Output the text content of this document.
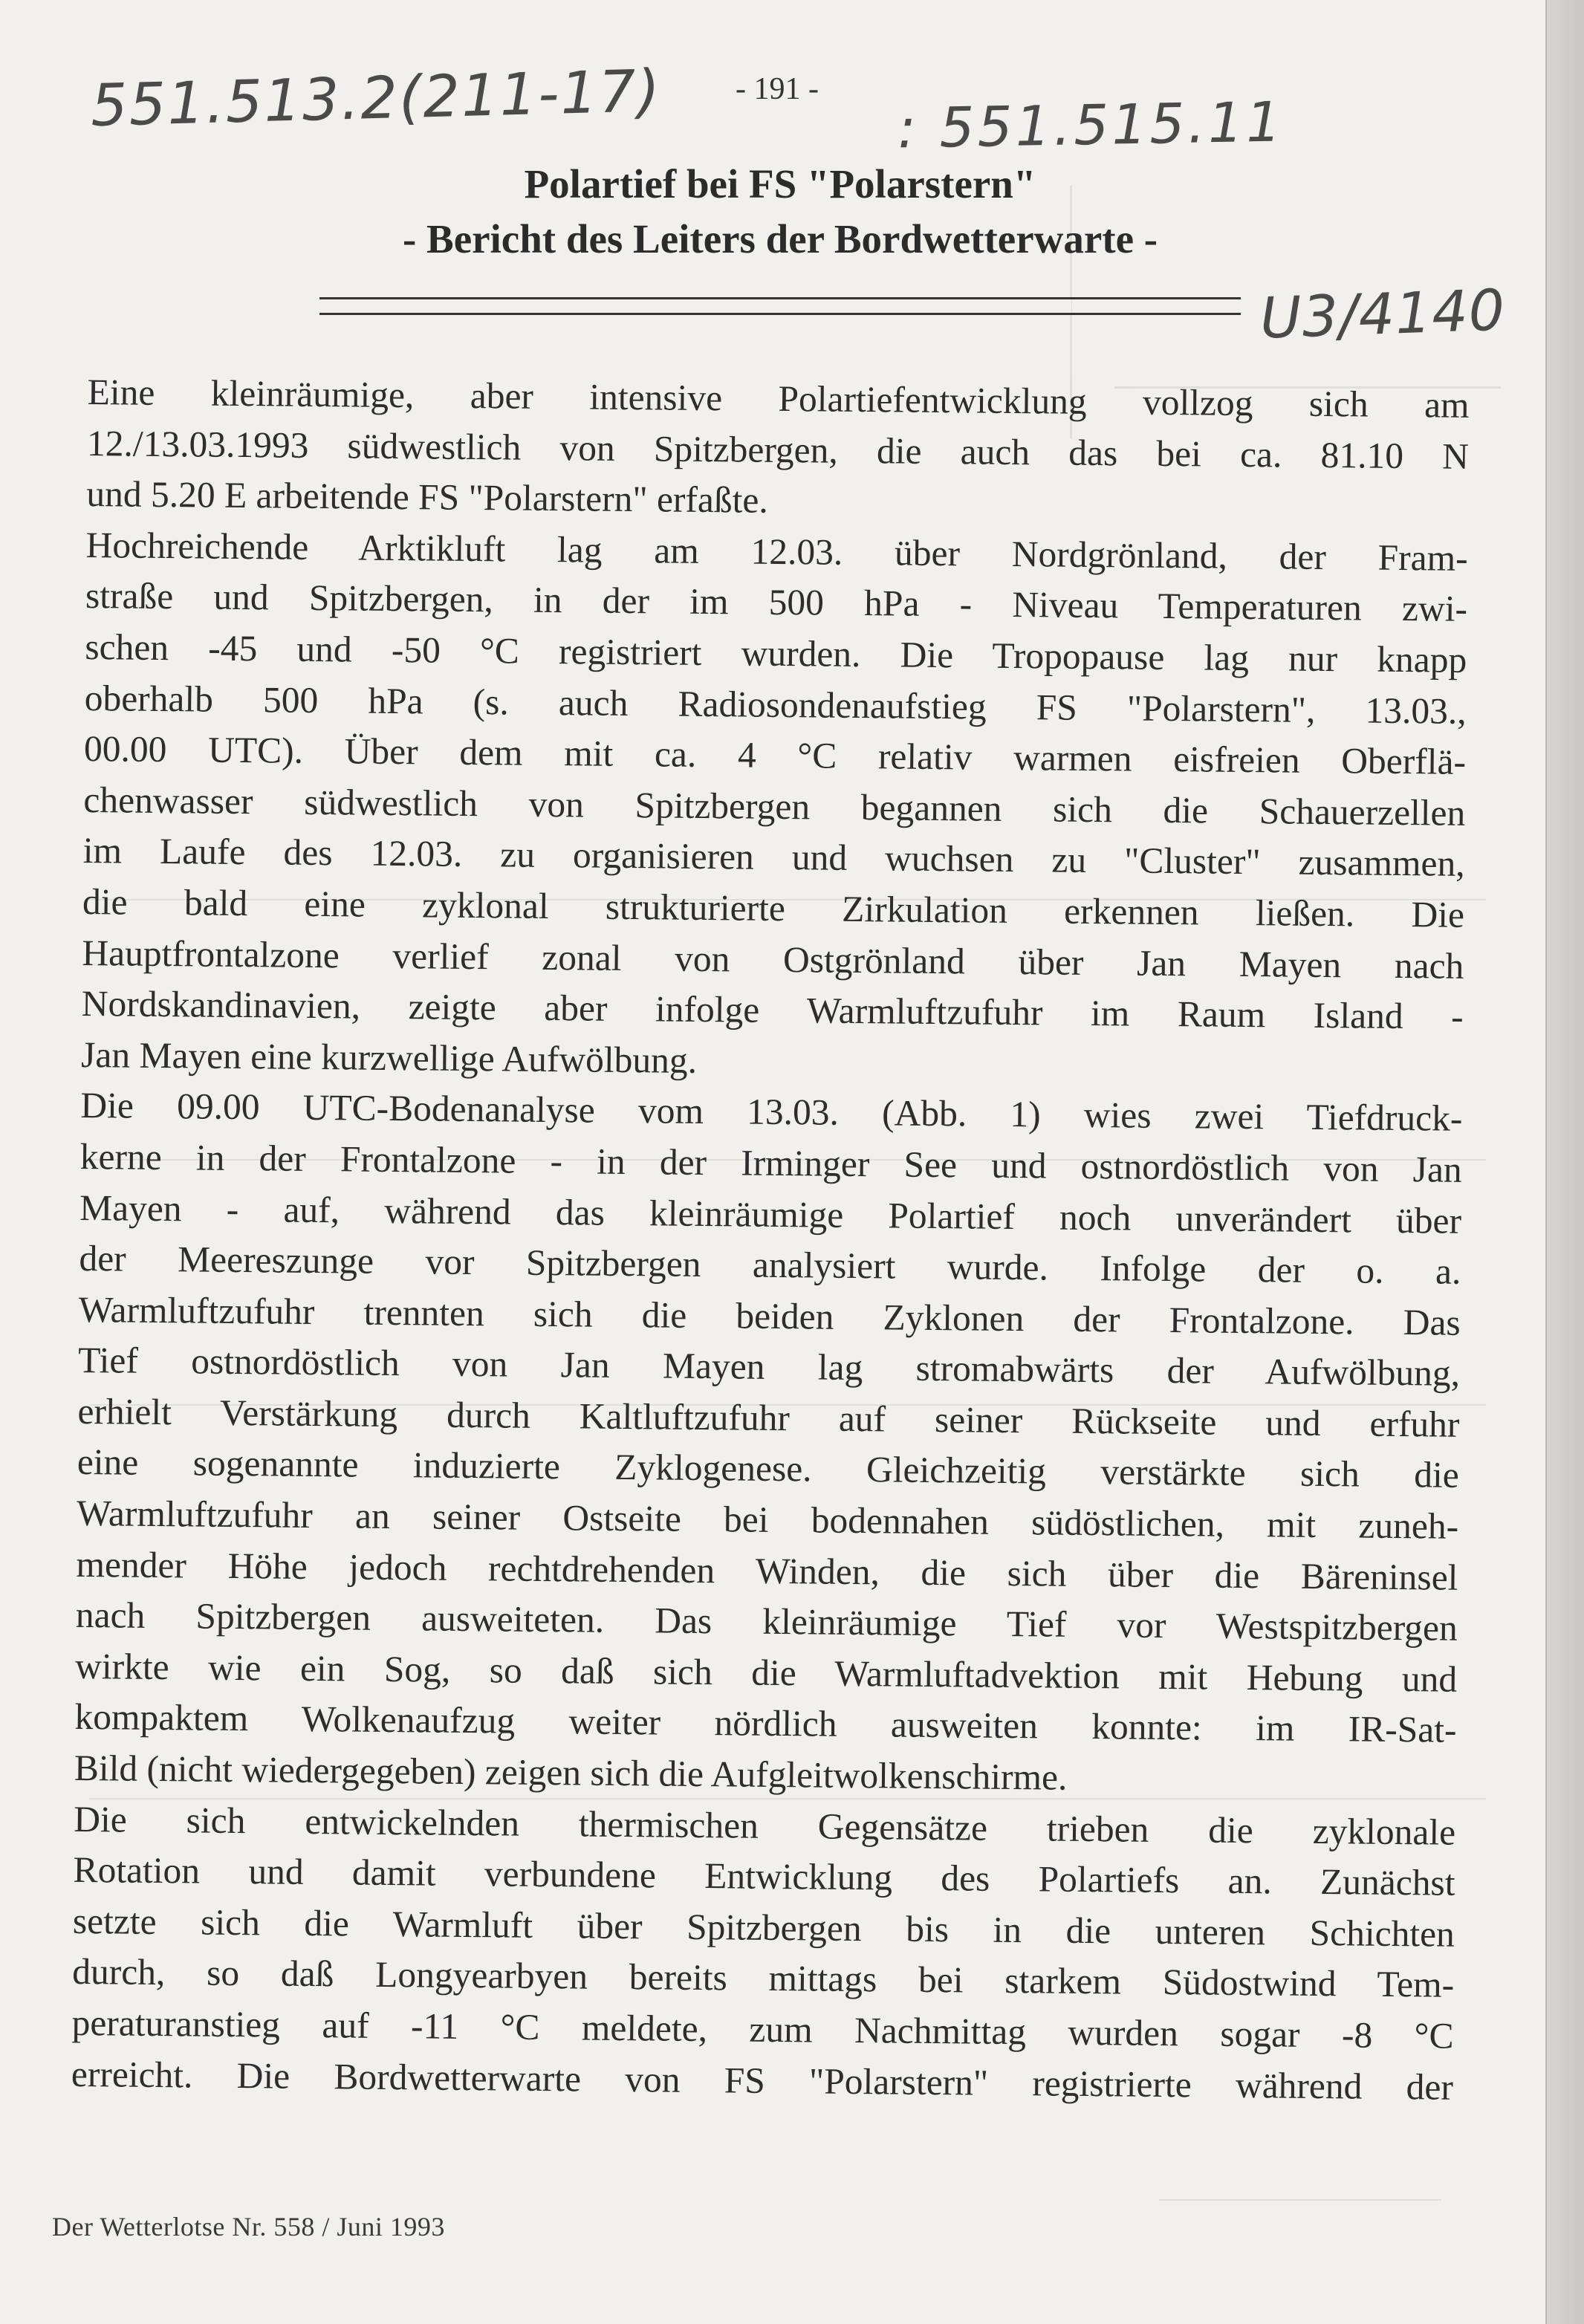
551.513.2(211-17) - 191 -
: 551.515.11
Polartief bei FS "Polarstern"
- Bericht des Leiters der Bordwetterwarte -
U3/4140
Eine kleinräumige, aber intensive Polartiefentwicklung vollzog sich am
12./13.03.1993 südwestlich von Spitzbergen, die auch das bei ca. 81.10 N
und 5.20 E arbeitende FS "Polarstern" erfaßte.
Hochreichende Arktikluft lag am 12.03. über Nordgrönland, der Fram-
straße und Spitzbergen, in der im 500 hPa - Niveau Temperaturen zwi-
schen -45 und -50 °C registriert wurden. Die Tropopause lag nur knapp
oberhalb 500 hPa (s. auch Radiosondenaufstieg FS "Polarstern", 13.03.,
00.00 UTC). Über dem mit ca. 4 °C relativ warmen eisfreien Oberflä-
chenwasser südwestlich von Spitzbergen begannen sich die Schauerzellen
im Laufe des 12.03. zu organisieren und wuchsen zu "Cluster" zusammen,
die bald eine zyklonal strukturierte Zirkulation erkennen ließen. Die
Hauptfrontalzone verlief zonal von Ostgrönland über Jan Mayen nach
Nordskandinavien, zeigte aber infolge Warmluftzufuhr im Raum Island -
Jan Mayen eine kurzwellige Aufwölbung.
Die 09.00 UTC-Bodenanalyse vom 13.03. (Abb. 1) wies zwei Tiefdruck-
kerne in der Frontalzone - in der Irminger See und ostnordöstlich von Jan
Mayen - auf, während das kleinräumige Polartief noch unverändert über
der Meereszunge vor Spitzbergen analysiert wurde. Infolge der o. a.
Warmluftzufuhr trennten sich die beiden Zyklonen der Frontalzone. Das
Tief ostnordöstlich von Jan Mayen lag stromabwärts der Aufwölbung,
erhielt Verstärkung durch Kaltluftzufuhr auf seiner Rückseite und erfuhr
eine sogenannte induzierte Zyklogenese. Gleichzeitig verstärkte sich die
Warmluftzufuhr an seiner Ostseite bei bodennahen südöstlichen, mit zuneh-
mender Höhe jedoch rechtdrehenden Winden, die sich über die Bäreninsel
nach Spitzbergen ausweiteten. Das kleinräumige Tief vor Westspitzbergen
wirkte wie ein Sog, so daß sich die Warmluftadvektion mit Hebung und
kompaktem Wolkenaufzug weiter nördlich ausweiten konnte: im IR-Sat-
Bild (nicht wiedergegeben) zeigen sich die Aufgleitwolkenschirme.
Die sich entwickelnden thermischen Gegensätze trieben die zyklonale
Rotation und damit verbundene Entwicklung des Polartiefs an. Zunächst
setzte sich die Warmluft über Spitzbergen bis in die unteren Schichten
durch, so daß Longyearbyen bereits mittags bei starkem Südostwind Tem-
peraturanstieg auf -11 °C meldete, zum Nachmittag wurden sogar -8 °C
erreicht. Die Bordwetterwarte von FS "Polarstern" registrierte während der
Der Wetterlotse Nr. 558 / Juni 1993
